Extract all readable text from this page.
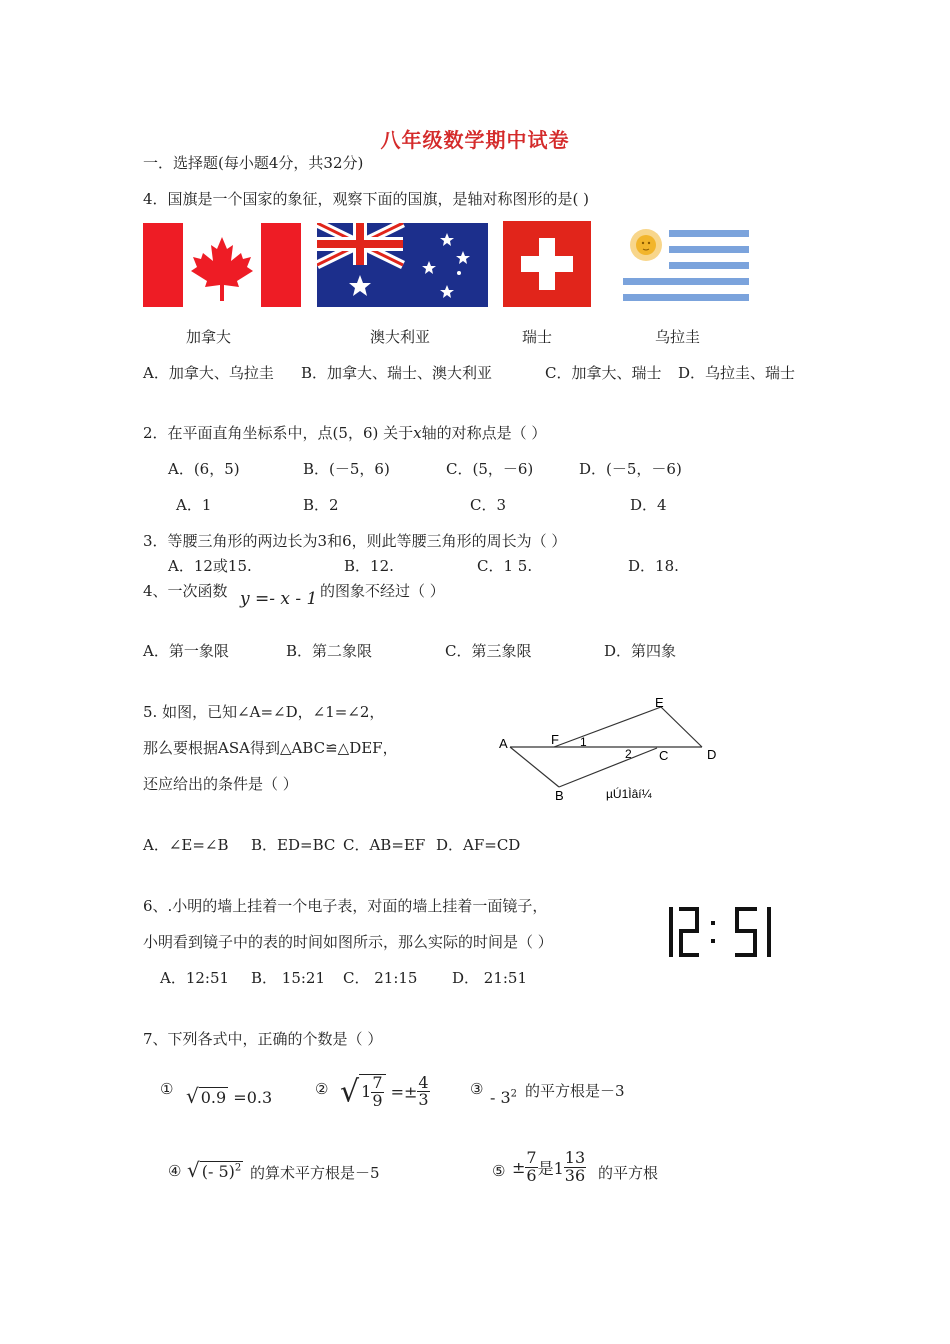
八年级数学期中试卷
一．选择题(每小题4分，共32分)
4．国旗是一个国家的象征，观察下面的国旗，是轴对称图形的是( )
加拿大	澳大利亚	瑞士	乌拉圭
A．加拿大、乌拉圭 B．加拿大、瑞士、澳大利亚	C．加拿大、瑞士 D．乌拉圭、瑞士
2．在平面直角坐标系中，点(5，6) 关于x轴的对称点是（ ）
A．(6，5)	B．(－5，6)	C．(5，－6)	D．(－5，－6)
A．1	B．2	C．3	D．4
3．等腰三角形的两边长为3和6，则此等腰三角形的周长为（ ）
A．12或15.	B．12.	C．1 5.	D．18.
4、一次函数 y =- x - 1 的图象不经过（ ）
A．第一象限	B．第二象限	C．第三象限	D．第四象
5. 如图，已知∠A=∠D，∠1=∠2，
那么要根据ASA得到△ABC≌△DEF，
还应给出的条件是（ ）
A
B
C	D
E
F 1
2
µÚ1Ìâí¼
A．∠E=∠B B．ED=BC C．AB=EF D．AF=CD
6、.小明的墙上挂着一个电子表，对面的墙上挂着一面镜子，
小明看到镜子中的表的时间如图所示，那么实际的时间是（ ）
A．12:51 B． 15:21 C． 21:15 D． 21:51
7、下列各式中，正确的个数是（ ）
① √ 0.9 =0.3	② √ $1 \frac{7}{9} =\pm \frac{4}{3}$	③ - $3^2$ 的平方根是－3
④ √ (- 5)$^2$ 的算术平方根是－5	⑤ ± $\frac{7}{6}$ 是$1 \frac{13}{36}$ 的平方根
